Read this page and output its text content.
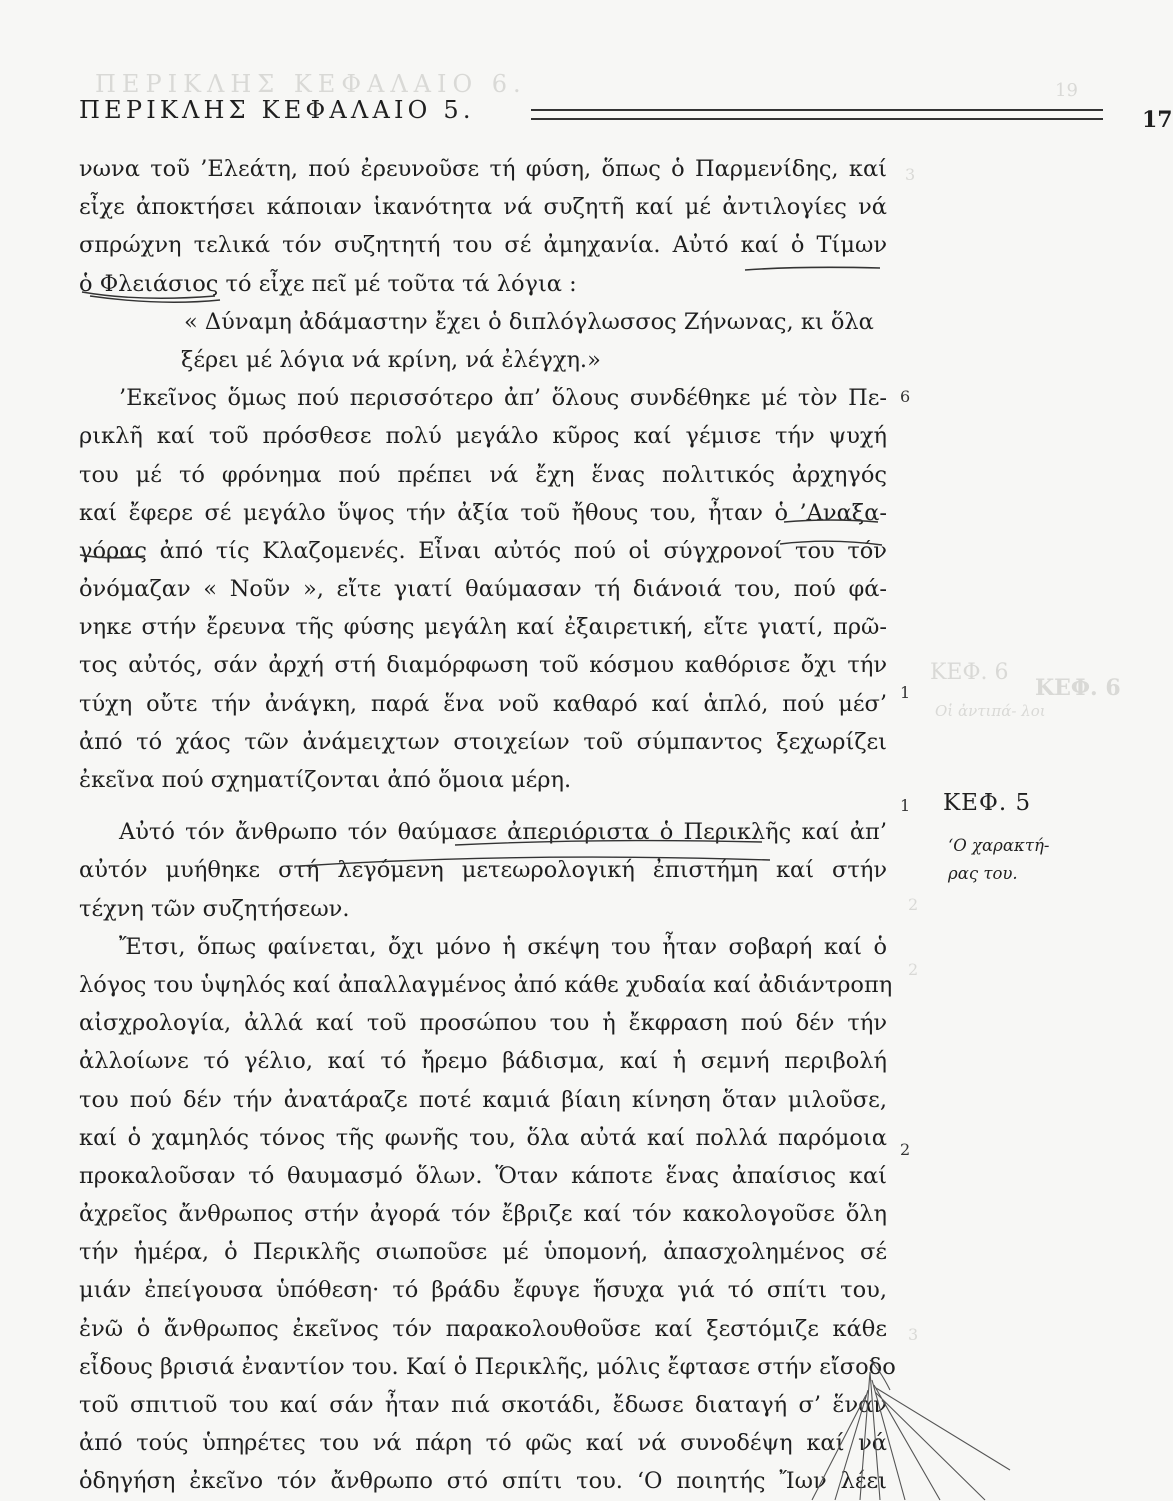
ΠΕΡΙΚΛΗΣ ΚΕΦΑΛΑΙΟ 6.	19
ΚΕΦ. 6
Οἱ ἀντιπά- λοι
ΚΕΦ. 6
3
2
2
3
ΠΕΡΙΚΛΗΣ ΚΕΦΑΛΑΙΟ 5.	17
νωνα τοῦ ’Ελεάτη, πού ἐρευνοῦσε τή φύση, ὅπως ὁ Παρμενίδης, καί
εἶχε ἀποκτήσει κάποιαν ἱκανότητα νά συζητῆ καί μέ ἀντιλογίες νά
σπρώχνη τελικά τόν συζητητή του σέ ἀμηχανία. Αὐτό καί ὁ Τίμων
ὁ Φλειάσιος τό εἶχε πεῖ μέ τοῦτα τά λόγια :
« Δύναμη ἀδάμαστην ἔχει ὁ διπλόγλωσσος Ζήνωνας, κι ὅλα
ξέρει μέ λόγια νά κρίνη, νά ἐλέγχη.»
’Εκεῖνος ὅμως πού περισσότερο ἀπ’ ὅλους συνδέθηκε μέ τὸν Πε-
ρικλῆ καί τοῦ πρόσθεσε πολύ μεγάλο κῦρος καί γέμισε τήν ψυχή
του μέ τό φρόνημα πού πρέπει νά ἔχη ἕνας πολιτικός ἀρχηγός
καί ἔφερε σέ μεγάλο ὕψος τήν ἀξία τοῦ ἤθους του, ἦταν ὁ ’Αναξα-
γόρας ἀπό τίς Κλαζομενές. Εἶναι αὐτός πού οἱ σύγχρονοί του τόν
ὀνόμαζαν « Νοῦν », εἴτε γιατί θαύμασαν τή διάνοιά του, πού φά-
νηκε στήν ἔρευνα τῆς φύσης μεγάλη καί ἐξαιρετική, εἴτε γιατί, πρῶ-
τος αὐτός, σάν ἀρχή στή διαμόρφωση τοῦ κόσμου καθόρισε ὄχι τήν
τύχη οὔτε τήν ἀνάγκη, παρά ἕνα νοῦ καθαρό καί ἁπλό, πού μέσ’
ἀπό τό χάος τῶν ἀνάμειχτων στοιχείων τοῦ σύμπαντος ξεχωρίζει
ἐκεῖνα πού σχηματίζονται ἀπό ὅμοια μέρη.
Αὐτό τόν ἄνθρωπο τόν θαύμασε ἀπεριόριστα ὁ Περικλῆς καί ἀπ’
αὐτόν μυήθηκε στή λεγόμενη μετεωρολογική ἐπιστήμη καί στήν
τέχνη τῶν συζητήσεων.
Ἔτσι, ὅπως φαίνεται, ὄχι μόνο ἡ σκέψη του ἦταν σοβαρή καί ὁ
λόγος του ὑψηλός καί ἀπαλλαγμένος ἀπό κάθε χυδαία καί ἀδιάντροπη
αἰσχρολογία, ἀλλά καί τοῦ προσώπου του ἡ ἔκφραση πού δέν τήν
ἀλλοίωνε τό γέλιο, καί τό ἤρεμο βάδισμα, καί ἡ σεμνή περιβολή
του πού δέν τήν ἀνατάραζε ποτέ καμιά βίαιη κίνηση ὅταν μιλοῦσε,
καί ὁ χαμηλός τόνος τῆς φωνῆς του, ὅλα αὐτά καί πολλά παρόμοια
προκαλοῦσαν τό θαυμασμό ὅλων. Ὅταν κάποτε ἕνας ἀπαίσιος καί
ἀχρεῖος ἄνθρωπος στήν ἀγορά τόν ἔβριζε καί τόν κακολογοῦσε ὅλη
τήν ἡμέρα, ὁ Περικλῆς σιωποῦσε μέ ὑπομονή, ἀπασχολημένος σέ
μιάν ἐπείγουσα ὑπόθεση· τό βράδυ ἔφυγε ἥσυχα γιά τό σπίτι του,
ἐνῶ ὁ ἄνθρωπος ἐκεῖνος τόν παρακολουθοῦσε καί ξεστόμιζε κάθε
εἶδους βρισιά ἐναντίον του. Καί ὁ Περικλῆς, μόλις ἔφτασε στήν εἴσοδο
τοῦ σπιτιοῦ του καί σάν ἦταν πιά σκοτάδι, ἔδωσε διαταγή σ’ ἕναν
ἀπό τούς ὑπηρέτες του νά πάρη τό φῶς καί νά συνοδέψη καί νά
ὁδηγήση ἐκεῖνο τόν ἄνθρωπο στό σπίτι του. ‘Ο ποιητής Ἴων λέει
6
1
1
2
ΚΕΦ. 5
‘Ο χαρακτή-
ρας του.
